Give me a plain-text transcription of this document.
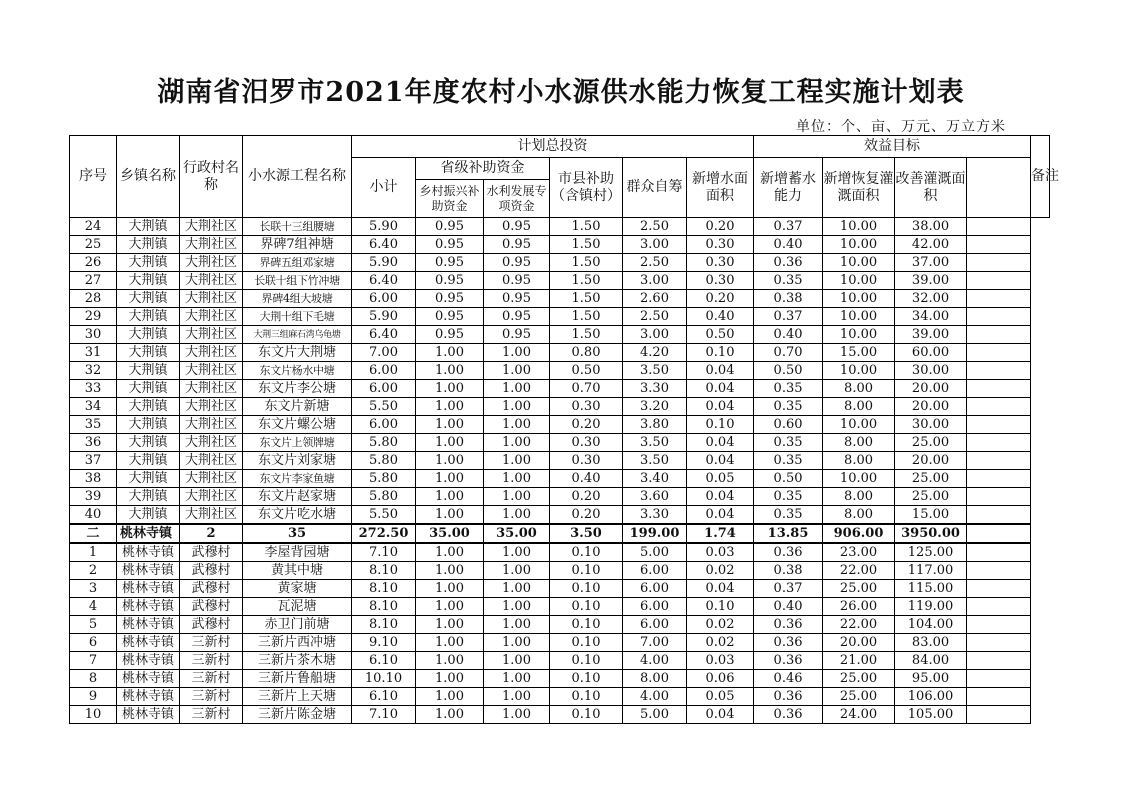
湖南省汨罗市2021年度农村小水源供水能力恢复工程实施计划表
单位：个、亩、万元、万立方米
序号	乡镇名称	行政村名称	小水源工程名称	计划总投资						效益目标				备注
				小计	省级补助资金		市县补助（含镇村）	群众自筹	新增水面面积	新增蓄水能力	新增恢复灌溉面积	改善灌溉面积		
					乡村振兴补助资金	水利发展专项资金								
24	大荆镇	大荆社区	长联十三组腰塘	5.90	0.95	0.95	1.50	2.50	0.20	0.37	10.00	38.00		
25	大荆镇	大荆社区	界碑7组神塘	6.40	0.95	0.95	1.50	3.00	0.30	0.40	10.00	42.00		
26	大荆镇	大荆社区	界碑五组邓家塘	5.90	0.95	0.95	1.50	2.50	0.30	0.36	10.00	37.00		
27	大荆镇	大荆社区	长联十组下竹冲塘	6.40	0.95	0.95	1.50	3.00	0.30	0.35	10.00	39.00		
28	大荆镇	大荆社区	界碑4组大坡塘	6.00	0.95	0.95	1.50	2.60	0.20	0.38	10.00	32.00		
29	大荆镇	大荆社区	大荆十组下毛塘	5.90	0.95	0.95	1.50	2.50	0.40	0.37	10.00	34.00		
30	大荆镇	大荆社区	大荆三组麻石湾乌龟塘	6.40	0.95	0.95	1.50	3.00	0.50	0.40	10.00	39.00		
31	大荆镇	大荆社区	东文片大荆塘	7.00	1.00	1.00	0.80	4.20	0.10	0.70	15.00	60.00		
32	大荆镇	大荆社区	东文片杨水中塘	6.00	1.00	1.00	0.50	3.50	0.04	0.50	10.00	30.00		
33	大荆镇	大荆社区	东文片李公塘	6.00	1.00	1.00	0.70	3.30	0.04	0.35	8.00	20.00		
34	大荆镇	大荆社区	东文片新塘	5.50	1.00	1.00	0.30	3.20	0.04	0.35	8.00	20.00		
35	大荆镇	大荆社区	东文片螺公塘	6.00	1.00	1.00	0.20	3.80	0.10	0.60	10.00	30.00		
36	大荆镇	大荆社区	东文片上领牌塘	5.80	1.00	1.00	0.30	3.50	0.04	0.35	8.00	25.00		
37	大荆镇	大荆社区	东文片刘家塘	5.80	1.00	1.00	0.30	3.50	0.04	0.35	8.00	20.00		
38	大荆镇	大荆社区	东文片李家鱼塘	5.80	1.00	1.00	0.40	3.40	0.05	0.50	10.00	25.00		
39	大荆镇	大荆社区	东文片赵家塘	5.80	1.00	1.00	0.20	3.60	0.04	0.35	8.00	25.00		
40	大荆镇	大荆社区	东文片吃水塘	5.50	1.00	1.00	0.20	3.30	0.04	0.35	8.00	15.00		
二	桃林寺镇	2	35	272.50	35.00	35.00	3.50	199.00	1.74	13.85	906.00	3950.00		
1	桃林寺镇	武穆村	李屋背园塘	7.10	1.00	1.00	0.10	5.00	0.03	0.36	23.00	125.00		
2	桃林寺镇	武穆村	黄其中塘	8.10	1.00	1.00	0.10	6.00	0.02	0.38	22.00	117.00		
3	桃林寺镇	武穆村	黄家塘	8.10	1.00	1.00	0.10	6.00	0.04	0.37	25.00	115.00		
4	桃林寺镇	武穆村	瓦泥塘	8.10	1.00	1.00	0.10	6.00	0.10	0.40	26.00	119.00		
5	桃林寺镇	武穆村	赤卫门前塘	8.10	1.00	1.00	0.10	6.00	0.02	0.36	22.00	104.00		
6	桃林寺镇	三新村	三新片西冲塘	9.10	1.00	1.00	0.10	7.00	0.02	0.36	20.00	83.00		
7	桃林寺镇	三新村	三新片茶木塘	6.10	1.00	1.00	0.10	4.00	0.03	0.36	21.00	84.00		
8	桃林寺镇	三新村	三新片鲁船塘	10.10	1.00	1.00	0.10	8.00	0.06	0.46	25.00	95.00		
9	桃林寺镇	三新村	三新片上天塘	6.10	1.00	1.00	0.10	4.00	0.05	0.36	25.00	106.00		
10	桃林寺镇	三新村	三新片陈金塘	7.10	1.00	1.00	0.10	5.00	0.04	0.36	24.00	105.00		
